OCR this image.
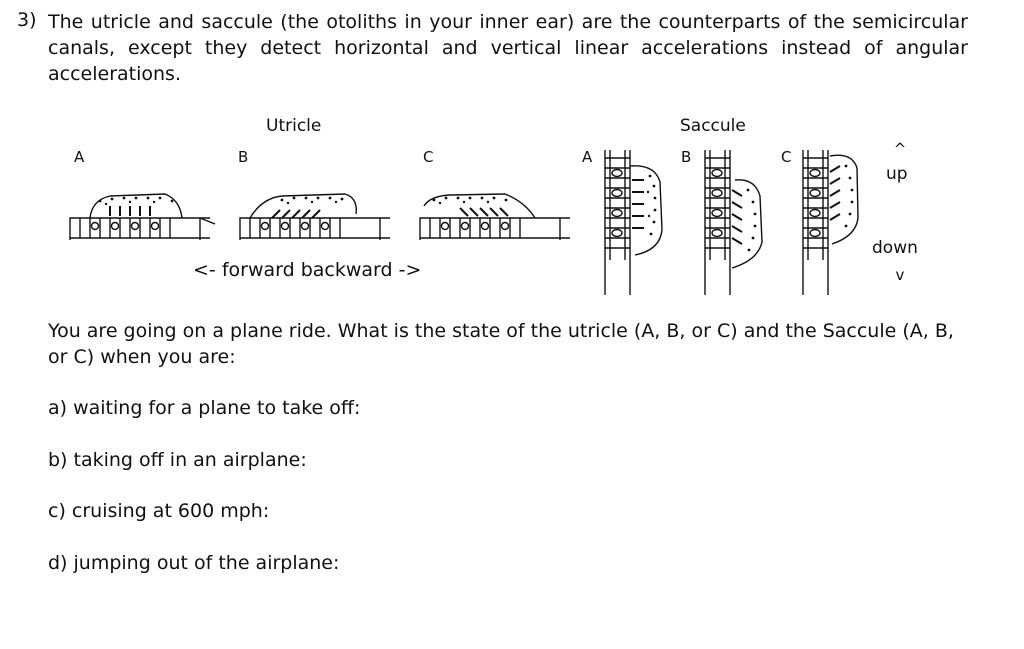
3) The utricle and saccule (the otoliths in your inner ear) are the counterparts of the semicircular canals, except they detect horizontal and vertical linear accelerations instead of angular accelerations.
Utricle	Saccule
A	B	C	A	B	C
<- forward backward ->
^
up
down
v
You are going on a plane ride. What is the state of the utricle (A, B, or C) and the Saccule (A, B, or C) when you are:
a) waiting for a plane to take off:
b) taking off in an airplane:
c) cruising at 600 mph:
d) jumping out of the airplane:
